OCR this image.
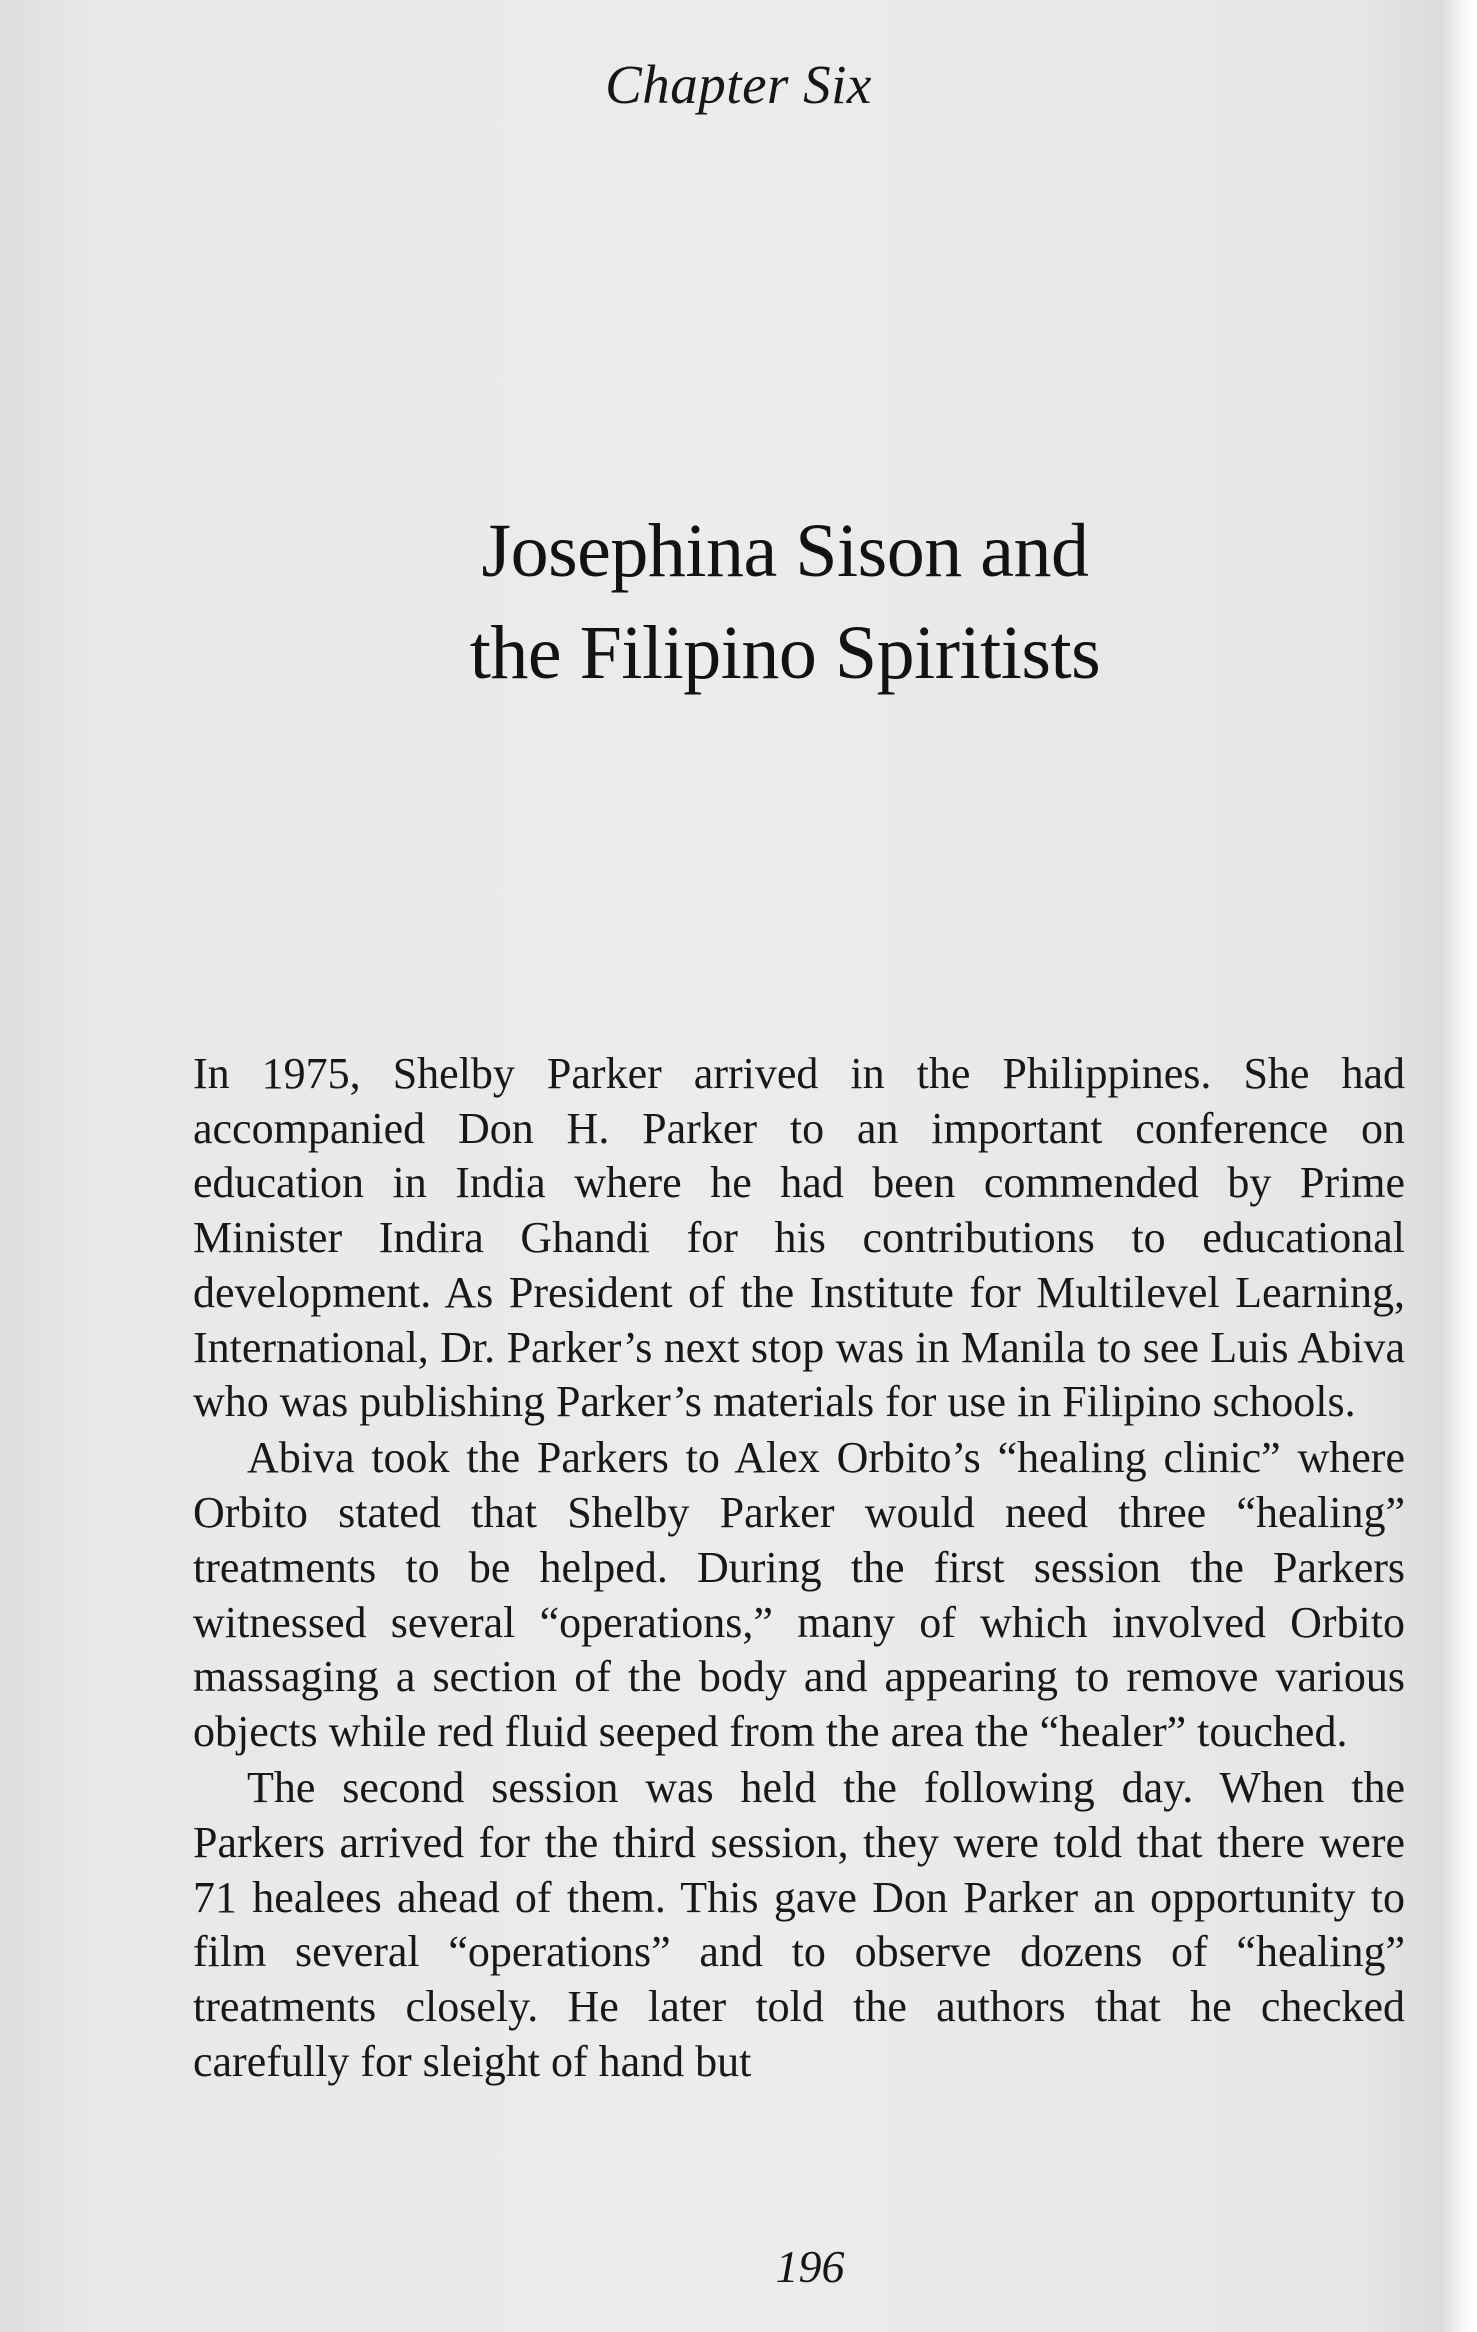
Chapter Six
Josephina Sison and
the Filipino Spiritists

In 1975, Shelby Parker arrived in the Philippines. She had accompanied Don H. Parker to an important conference on education in India where he had been commended by Prime Minister Indira Ghandi for his contributions to educational development. As President of the Institute for Multilevel Learning, International, Dr. Parker’s next stop was in Manila to see Luis Abiva who was publishing Parker’s materials for use in Filipino schools.

Abiva took the Parkers to Alex Orbito’s “healing clinic” where Orbito stated that Shelby Parker would need three “healing” treatments to be helped. During the first session the Parkers witnessed several “operations,” many of which involved Orbito massaging a section of the body and appearing to remove various objects while red fluid seeped from the area the “healer” touched.

The second session was held the following day. When the Parkers arrived for the third session, they were told that there were 71 healees ahead of them. This gave Don Parker an opportunity to film several “operations” and to observe dozens of “healing” treatments closely. He later told the authors that he checked carefully for sleight of hand but

196
